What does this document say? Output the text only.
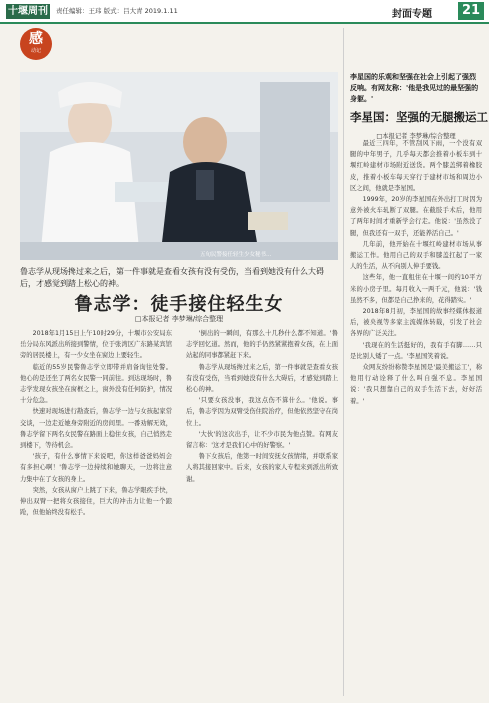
十堰周刊	责任编辑：王玮 版式：吕大青 2019.1.11	封面专题	21
感
动记
五旬民警接任轻生少女秘书…
鲁志学从现场搀过来之后，第一件事就是查看女孩有没有受伤，当看到她没有什么大碍后，才感觉到踏上松心的神。
鲁志学：徒手接住轻生女
□本报记者 李梦琳/综合整理

2018年1月15日上午10时29分，十堰市公安局东岳分局东风派出所接到警情，位于张湾区广东路某宾馆旁的居民楼上，有一少女坐在窗边上要轻生。

临近的55岁民警鲁志学立即带并肩备询往处警。他心的是还坐了两名女民警一同前往。到达现场时，鲁志学发现女孩坐在窗框之上，窗外没有任何防护，情况十分危急。

快速对现场进行勘查后，鲁志学一边与女孩起家常交谈，一边走近她身旁附近的房间里。一番劝解无效，鲁志学留下两名女民警在路面上稳住女孩，自己悄然走到楼下，等待机会。

'孩子，有什么事情下来说吧，你这样爸爸妈妈会有多担心啊！'鲁志学一边持续和她聊天，一边将注意力集中在了女孩的身上。

突然，女孩从窗户上跳了下来，鲁志学眼疾手快，伸出双臂一把将女孩接住，巨大的冲击力让他一个踉跄，但他始终没有松手。

'倒出的一瞬间，有那么十几秒什么都不知道。'鲁志学回忆道。然而，他的手仍然紧紧抱着女孩，在上面站起的同事都紧赶下来。

鲁志学从现场搀过来之后，第一件事就是查看女孩有没有受伤，当看到她没有什么大碍后，才感觉到踏上松心的神。

'只要女孩没事，我这点伤不算什么。'他说。事后，鲁志学因为双臂受伤住院治疗，但他依然坚守在岗位上。

'大伙'的这次出手，让不少市民为他点赞。有网友留言称：'这才是我们心中的好警察。'

鲁下女孩后，他第一时间安抚女孩情绪，并联系家人将其接回家中。后来，女孩的家人专程来到派出所致谢。

李星国的乐观和坚强在社会上引起了强烈反响。有网友称：'他是我见过的最坚强的身躯。'
李星国：坚强的无腿搬运工
□本报记者 李梦琳/综合整理

最近三四年，不管刮风下雨，一个没有双腿的中年男子，几乎每天都会推着小板车到十堰红岭建材市场附近送货。两个膝盖绑着橡胶皮，推着小板车每天穿行于建材市场和周边小区之间，他就是李星国。

1999年，20岁的李星国在外出打工时因为意外被火车轧断了双腿。在截肢手术后，他用了两年时间才重新学会行走。他说：'虽然没了腿，但我还有一双手，还能养活自己。'

几年前，他开始在十堰红岭建材市场从事搬运工作。他用自己的双手和膝盖扛起了一家人的生活，从不向别人伸手要钱。

这些年，他一直租住在十堰一间约10平方米的小房子里。每月收入一两千元，他说：'钱虽然不多，但都是自己挣来的，花得踏实。'

2018年8月初，李星国的故事经媒体报道后，被央视等多家主流媒体转载，引发了社会各界的广泛关注。

'我现在的生活挺好的，我有手有脚……只是比别人矮了一点。'李星国笑着说。

众网友纷纷称赞李星国是'最美搬运工'，称他用行动诠释了什么叫自强不息。李星国说：'我只想靠自己的双手生活下去，好好活着。'
